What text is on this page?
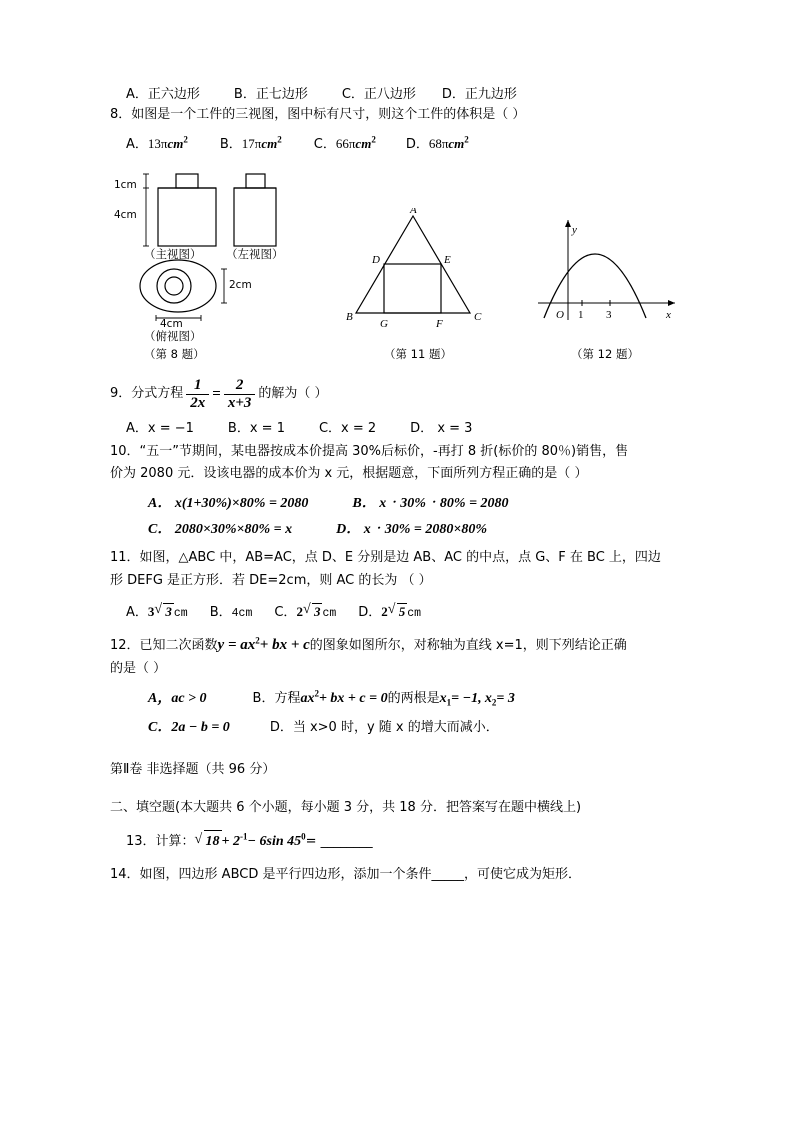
A．正六边形	B．正七边形	C．正八边形 D．正九边形
8．如图是一个工件的三视图，图中标有尺寸，则这个工件的体积是（ ）
A．13πcm$^2$ B．17πcm$^2$ C．66πcm$^2$ D．68πcm$^2$
1cm
4cm
2cm
4cm
（主视图） （左视图）
（俯视图）
（第 8 题）
A
B	C
D	E
G	F
（第 11 题）
y
x
O 1 3
（第 12 题）
9．分式方程 $\frac{1}{2x} = \frac{2}{x+3}$ 的解为（ ）
A．x = −1	B．x = 1	C．x = 2	D． x = 3
10．“五一”节期间，某电器按成本价提高 30%后标价，-再打 8 折(标价的 80％)销售，售
价为 2080 元．设该电器的成本价为 x 元，根据题意，下面所列方程正确的是（ ）
A． x(1+30%)×80% = 2080	B． x‧30%‧80% = 2080
C． 2080×30%×80% = x	D． x‧30% = 2080×80%
11．如图，△ABC 中，AB=AC，点 D、E 分别是边 AB、AC 的中点，点 G、F 在 BC 上，四边
形 DEFG 是正方形．若 DE=2cm，则 AC 的长为 （ ）
A．3 √ 3 cm B．4cm C．2 √ 3 cm D．2 √ 5 cm
12．已知二次函数$y = ax^2+$ bx + c的图象如图所尔，对称轴为直线 x=1，则下列结论正确
的是（ ）
A，ac > 0	B．方程$ax^2+$ bx + c = 0的两根是$x_1= -1$, $x_2= 3$
C．2a − b = 0	D．当 x>0 时，y 随 x 的增大而减小．
第Ⅱ卷 非选择题（共 96 分）
二、填空题(本大题共 6 个小题，每小题 3 分，共 18 分．把答案写在题中横线上)
13．计算： √ $18 + 2^{-1}- 6\sin$ $45^0=$ ________
14．如图，四边形 ABCD 是平行四边形，添加一个条件_____，可使它成为矩形．
